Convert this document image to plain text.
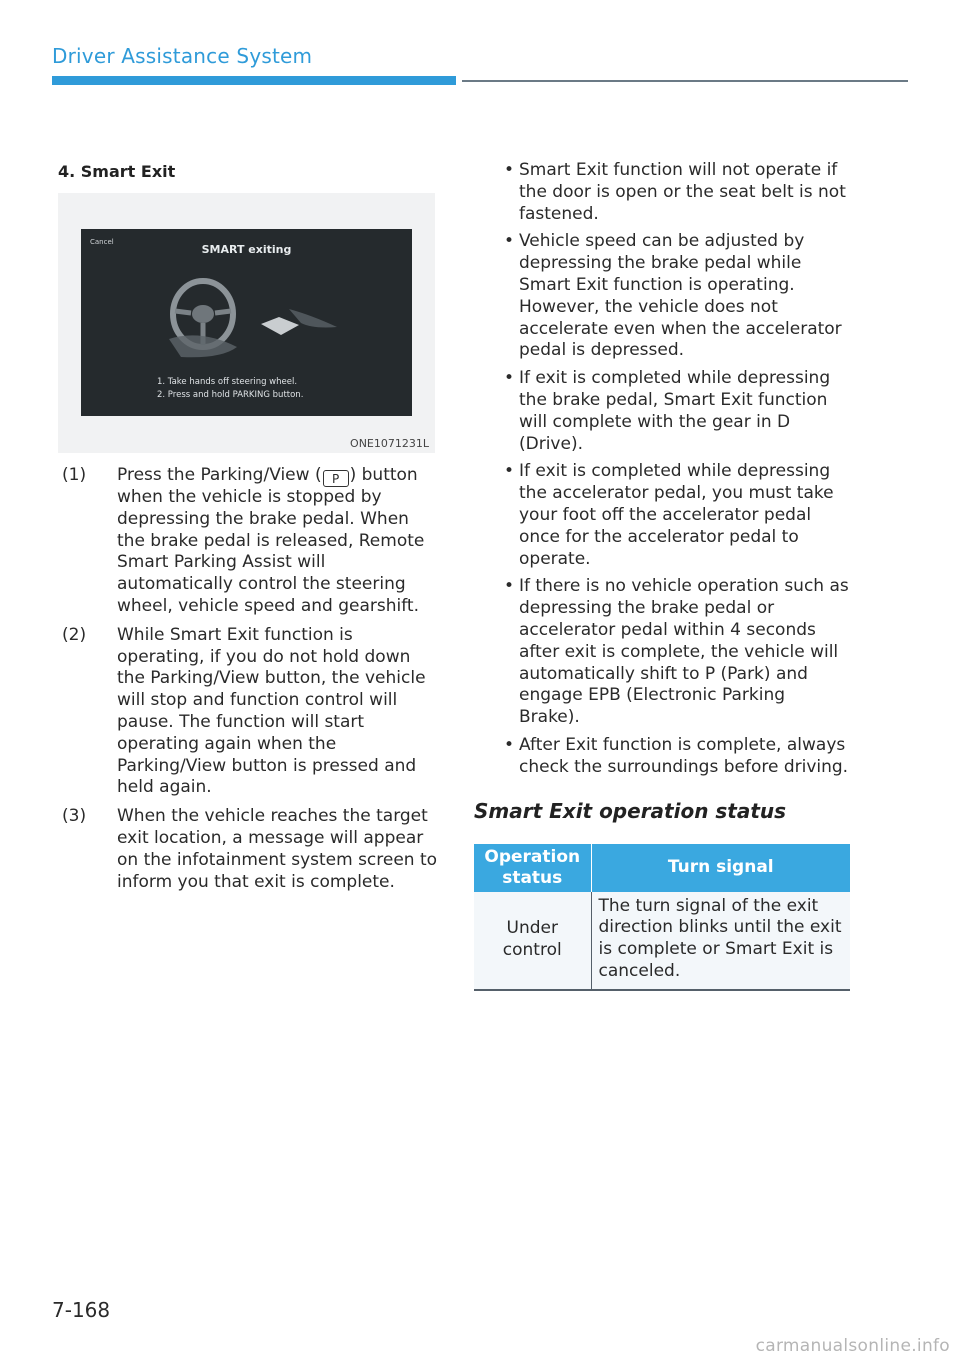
Driver Assistance System
4. Smart Exit
Cancel
SMART exiting
1. Take hands off steering wheel.
2. Press and hold PARKING button.
ONE1071231L
(1) Press the Parking/View ( P ) button when the vehicle is stopped by depressing the brake pedal. When the brake pedal is released, Remote Smart Parking Assist will automatically control the steering wheel, vehicle speed and gearshift.
(2) While Smart Exit function is operating, if you do not hold down the Parking/View button, the vehicle will stop and function control will pause. The function will start operating again when the Parking/View button is pressed and held again.
(3) When the vehicle reaches the target exit location, a message will appear on the infotainment system screen to inform you that exit is complete.
• Smart Exit function will not operate if the door is open or the seat belt is not fastened.
• Vehicle speed can be adjusted by depressing the brake pedal while Smart Exit function is operating. However, the vehicle does not accelerate even when the accelerator pedal is depressed.
• If exit is completed while depressing the brake pedal, Smart Exit function will complete with the gear in D (Drive).
• If exit is completed while depressing the accelerator pedal, you must take your foot off the accelerator pedal once for the accelerator pedal to operate.
• If there is no vehicle operation such as depressing the brake pedal or accelerator pedal within 4 seconds after exit is complete, the vehicle will automatically shift to P (Park) and engage EPB (Electronic Parking Brake).
• After Exit function is complete, always check the surroundings before driving.
Smart Exit operation status
Operation status	Turn signal
Under control	The turn signal of the exit direction blinks until the exit is complete or Smart Exit is canceled.
7-168
carmanualsonline.info
